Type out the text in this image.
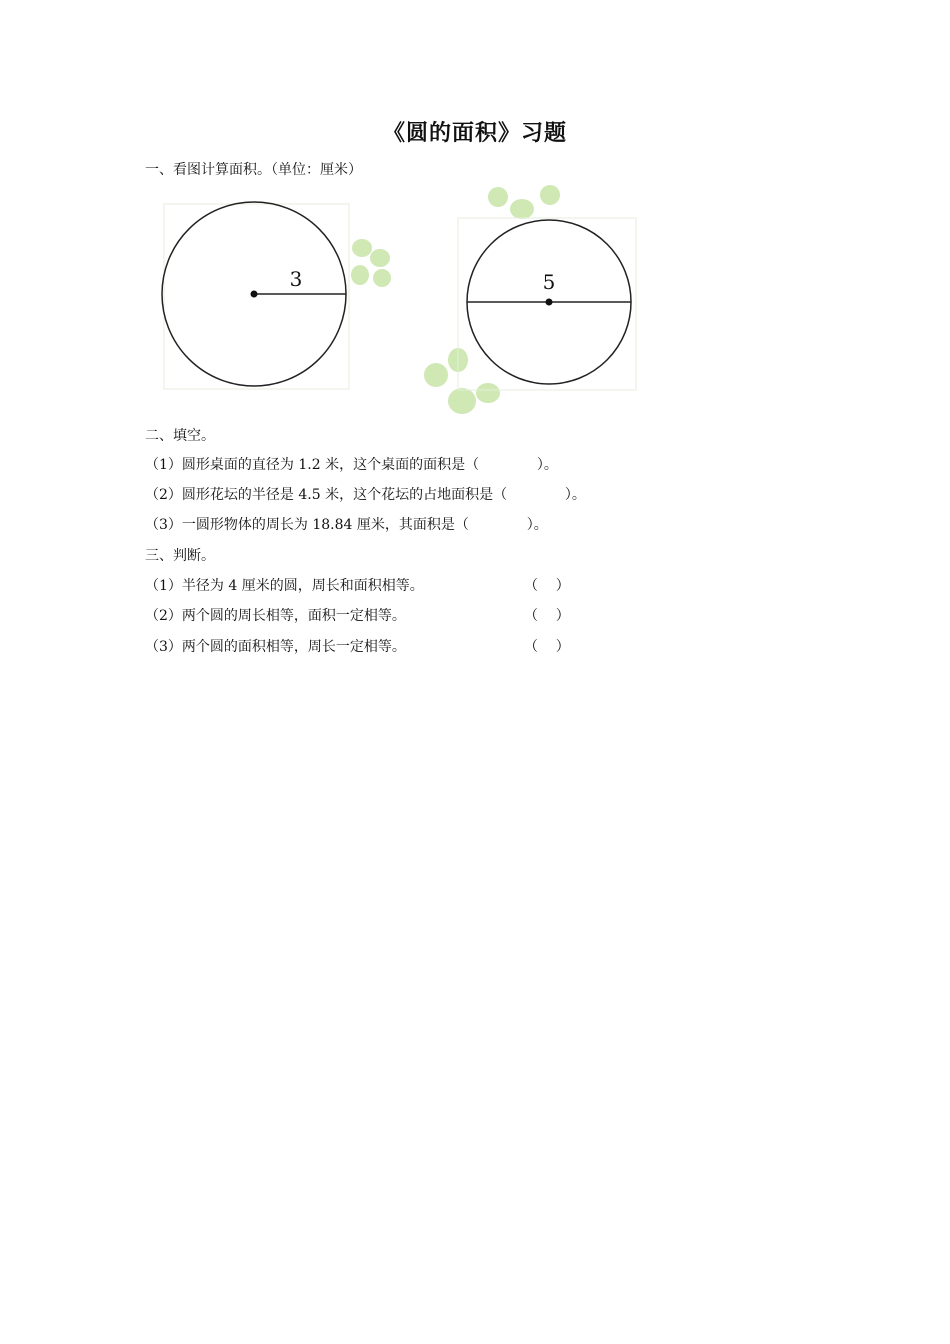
《圆的面积》习题
一、看图计算面积。（单位：厘米）
3	5
二、填空。
（1）圆形桌面的直径为 1.2 米，这个桌面的面积是（             ）。
（2）圆形花坛的半径是 4.5 米，这个花坛的占地面积是（             ）。
（3）一圆形物体的周长为 18.84 厘米，其面积是（             ）。
三、判断。
（1）半径为 4 厘米的圆，周长和面积相等。	（    ）
（2）两个圆的周长相等，面积一定相等。	（    ）
（3）两个圆的面积相等，周长一定相等。	（    ）
